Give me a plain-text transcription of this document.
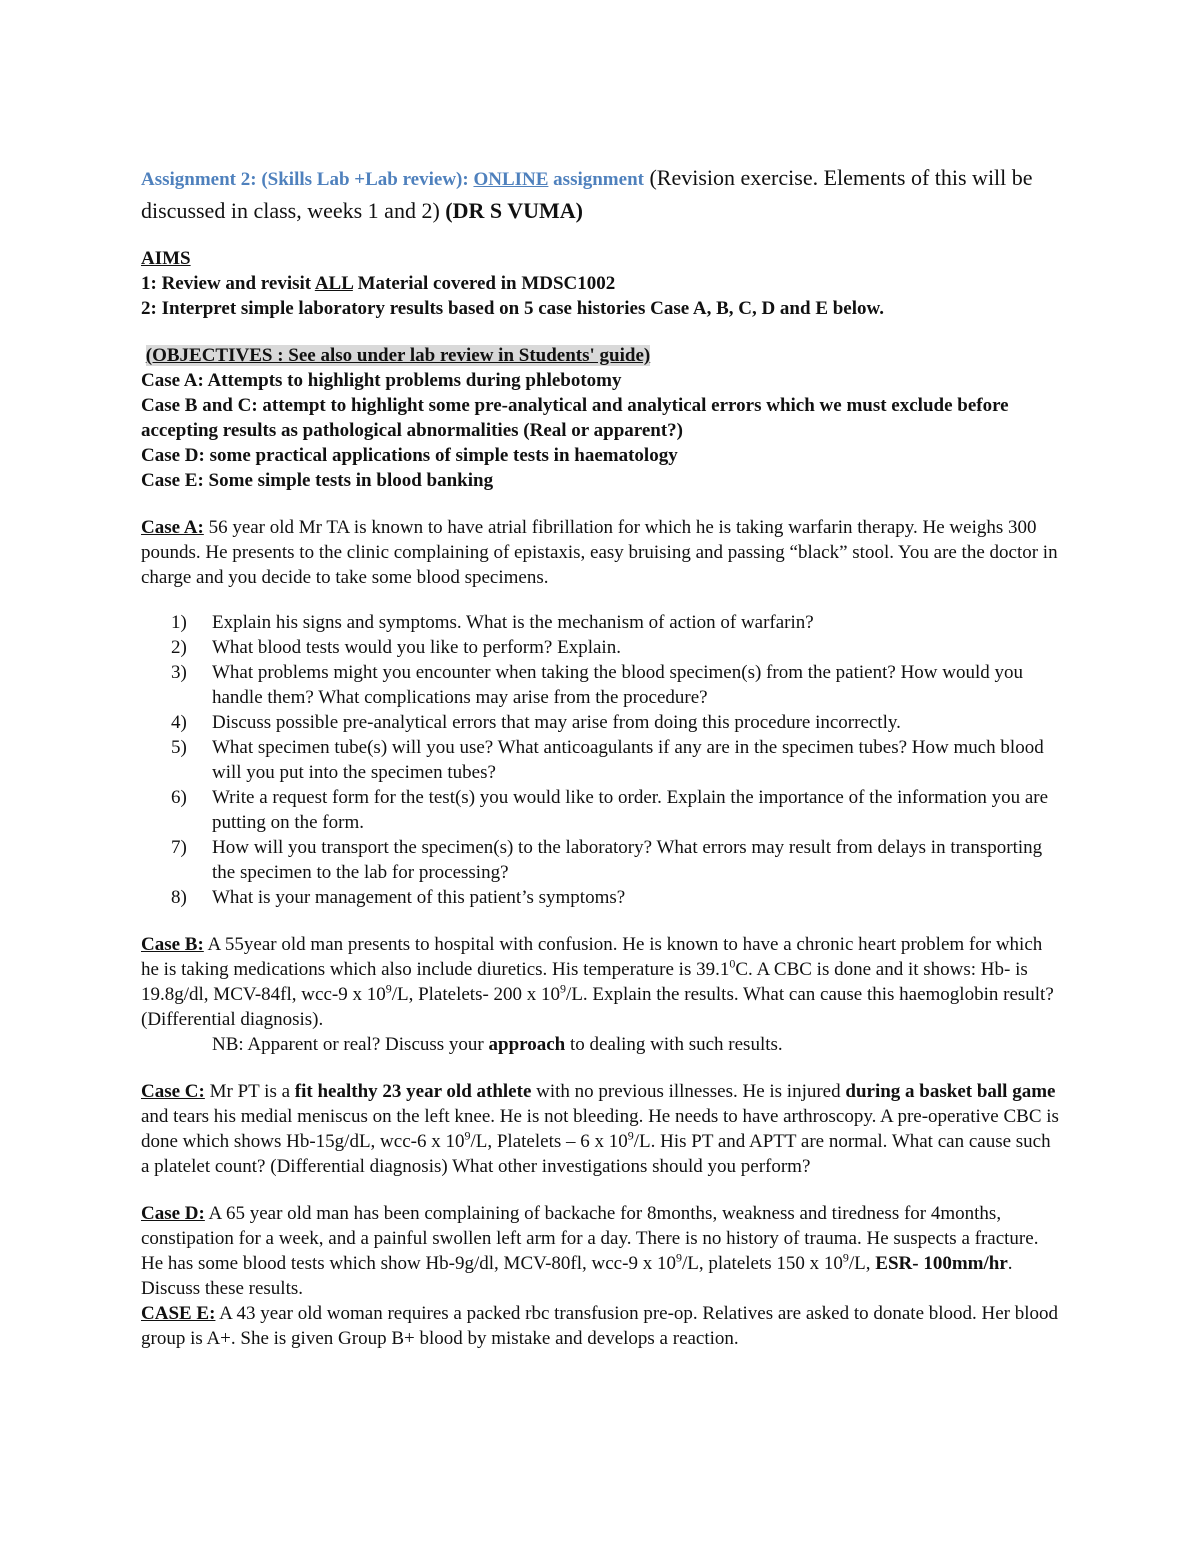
Assignment 2: (Skills Lab +Lab review): ONLINE assignment (Revision exercise. Elements of this will be discussed in class, weeks 1 and 2) (DR S VUMA)
AIMS
1: Review and revisit ALL Material covered in MDSC1002
2: Interpret simple laboratory results based on 5 case histories Case A, B, C, D and E below.
(OBJECTIVES : See also under lab review in Students' guide)
Case A: Attempts to highlight problems during phlebotomy
Case B and C: attempt to highlight some pre-analytical and analytical errors which we must exclude before accepting results as pathological abnormalities (Real or apparent?)
Case D: some practical applications of simple tests in haematology
Case E: Some simple tests in blood banking
Case A: 56 year old Mr TA is known to have atrial fibrillation for which he is taking warfarin therapy. He weighs 300 pounds. He presents to the clinic complaining of epistaxis, easy bruising and passing “black” stool. You are the doctor in charge and you decide to take some blood specimens.
1) Explain his signs and symptoms. What is the mechanism of action of warfarin?
2) What blood tests would you like to perform? Explain.
3) What problems might you encounter when taking the blood specimen(s) from the patient? How would you handle them? What complications may arise from the procedure?
4) Discuss possible pre-analytical errors that may arise from doing this procedure incorrectly.
5) What specimen tube(s) will you use? What anticoagulants if any are in the specimen tubes? How much blood will you put into the specimen tubes?
6) Write a request form for the test(s) you would like to order. Explain the importance of the information you are putting on the form.
7) How will you transport the specimen(s) to the laboratory? What errors may result from delays in transporting the specimen to the lab for processing?
8) What is your management of this patient’s symptoms?
Case B: A 55year old man presents to hospital with confusion. He is known to have a chronic heart problem for which he is taking medications which also include diuretics. His temperature is 39.1$^0$C. A CBC is done and it shows: Hb- is 19.8g/dl, MCV-84fl, wcc-9 x $10^9/L$, Platelets- 200 x $10^9/L$. Explain the results. What can cause this haemoglobin result? (Differential diagnosis).
NB: Apparent or real? Discuss your approach to dealing with such results.
Case C: Mr PT is a fit healthy 23 year old athlete with no previous illnesses. He is injured during a basket ball game and tears his medial meniscus on the left knee. He is not bleeding. He needs to have arthroscopy. A pre-operative CBC is done which shows Hb-15g/dL, wcc-6 x $10^9/L$, Platelets – 6 x $10^9/L$. His PT and APTT are normal. What can cause such a platelet count? (Differential diagnosis) What other investigations should you perform?
Case D: A 65 year old man has been complaining of backache for 8months, weakness and tiredness for 4months, constipation for a week, and a painful swollen left arm for a day. There is no history of trauma. He suspects a fracture. He has some blood tests which show Hb-9g/dl, MCV-80fl, wcc-9 x $10^9/L$, platelets 150 x $10^9/L$, ESR- 100mm/hr. Discuss these results.
CASE E: A 43 year old woman requires a packed rbc transfusion pre-op. Relatives are asked to donate blood. Her blood group is A+. She is given Group B+ blood by mistake and develops a reaction.
